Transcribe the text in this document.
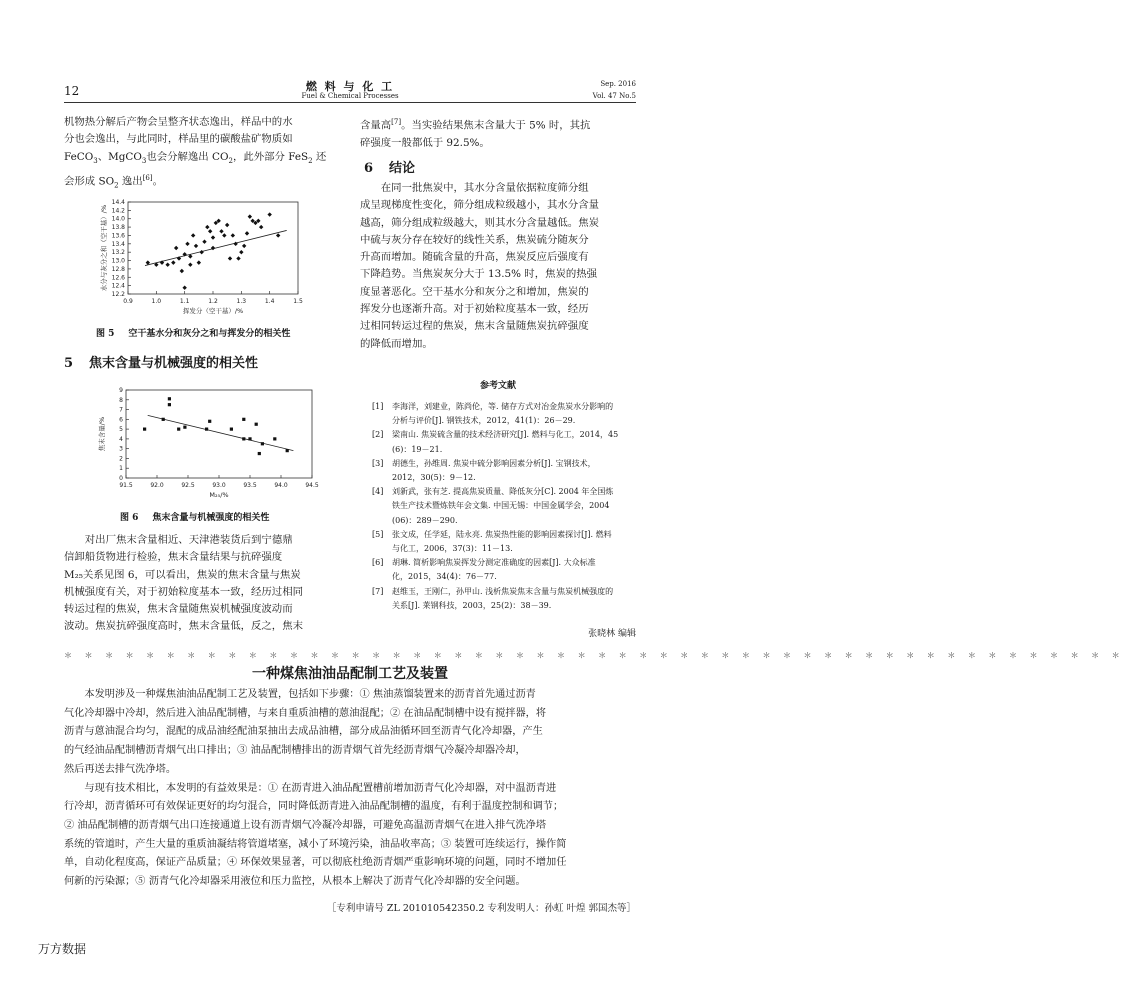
燃 料 与 化 工
Fuel & Chemical Processes
12	Sep. 2016
Vol. 47 No.5
机物热分解后产物会呈整齐状态逸出，样品中的水
分也会逸出，与此同时，样品里的碳酸盐矿物质如
FeCO$_3$、MgCO$_3$也会分解逸出 $CO_2$，此外部分 FeS$_2$ 还
会形成 $SO_2$ 逸出[6]。
0.9	1.0	1.1	1.2	1.3	1.4	1.5
12.2
12.4
12.6
12.8
13.0
13.2
13.4
13.6
13.8
14.0
14.2
14.4
挥发分（空干基）/%
水分与灰分之和（空干基）/%
图 5 空干基水分和灰分之和与挥发分的相关性
5 焦末含量与机械强度的相关性
91.5	92.0	92.5	93.0	93.5	94.0	94.5
0
1
2
3
4
5
6
7
8
9
M₂₅/%
焦末含量/%
图 6 焦末含量与机械强度的相关性
对出厂焦末含量相近、天津港装货后到宁德鼎
信卸船货物进行检验，焦末含量结果与抗碎强度
M₂₅关系见图 6，可以看出，焦炭的焦末含量与焦炭
机械强度有关，对于初始粒度基本一致，经历过相同
转运过程的焦炭，焦末含量随焦炭机械强度波动而
波动。焦炭抗碎强度高时，焦末含量低，反之，焦末
含量高[7]。当实验结果焦末含量大于 5% 时，其抗
碎强度一般都低于 92.5%。
6 结论
在同一批焦炭中，其水分含量依据粒度筛分组
成呈现梯度性变化，筛分组成粒级越小，其水分含量
越高，筛分组成粒级越大，则其水分含量越低。焦炭
中硫与灰分存在较好的线性关系，焦炭硫分随灰分
升高而增加。随硫含量的升高，焦炭反应后强度有
下降趋势。当焦炭灰分大于 13.5% 时，焦炭的热强
度显著恶化。空干基水分和灰分之和增加，焦炭的
挥发分也逐渐升高。对于初始粒度基本一致，经历
过相同转运过程的焦炭，焦末含量随焦炭抗碎强度
的降低而增加。
参考文献
[1]	李海洋，刘建业，陈尚伦，等. 储存方式对冶金焦炭水分影响的
分析与评价[J]. 钢铁技术，2012，41(1)：26－29.
[2]	梁南山. 焦炭硫含量的技术经济研究[J]. 燃料与化工，2014，45
(6)：19－21.
[3]	胡德生，孙维周. 焦炭中硫分影响因素分析[J]. 宝钢技术，
2012，30(5)：9－12.
[4]	刘新武，张有芝. 提高焦炭质量、降低灰分[C]. 2004 年全国炼
铁生产技术暨炼铁年会文集. 中国无锡：中国金属学会，2004
(06)：289－290.
[5]	张文成，任学延，陆永亮. 焦炭热性能的影响因素探讨[J]. 燃料
与化工，2006，37(3)：11－13.
[6]	胡琳. 简析影响焦炭挥发分测定准确度的因素[J]. 大众标准
化，2015，34(4)：76－77.
[7]	赵维玉，王刚仁，孙甲山. 浅析焦炭焦末含量与焦炭机械强度的
关系[J]. 莱钢科技，2003，25(2)：38－39.
张晓林 编辑
＊ ＊ ＊ ＊ ＊ ＊ ＊ ＊ ＊ ＊ ＊ ＊ ＊ ＊ ＊ ＊ ＊ ＊ ＊ ＊ ＊ ＊ ＊ ＊ ＊ ＊ ＊ ＊ ＊ ＊ ＊ ＊ ＊ ＊ ＊ ＊ ＊ ＊ ＊ ＊ ＊ ＊ ＊ ＊ ＊ ＊ ＊ ＊ ＊ ＊ ＊ ＊
一种煤焦油油品配制工艺及装置
本发明涉及一种煤焦油油品配制工艺及装置，包括如下步骤：① 焦油蒸馏装置来的沥青首先通过沥青
气化冷却器中冷却，然后进入油品配制槽，与来自重质油槽的蒽油混配；② 在油品配制槽中设有搅拌器，将
沥青与蒽油混合均匀，混配的成品油经配油泵抽出去成品油槽，部分成品油循环回至沥青气化冷却器，产生
的气经油品配制槽沥青烟气出口排出；③ 油品配制槽排出的沥青烟气首先经沥青烟气冷凝冷却器冷却，
然后再送去排气洗净塔。
与现有技术相比，本发明的有益效果是：① 在沥青进入油品配置槽前增加沥青气化冷却器，对中温沥青进
行冷却，沥青循环可有效保证更好的均匀混合，同时降低沥青进入油品配制槽的温度，有利于温度控制和调节；
② 油品配制槽的沥青烟气出口连接通道上设有沥青烟气冷凝冷却器，可避免高温沥青烟气在进入排气洗净塔
系统的管道时，产生大量的重质油凝结将管道堵塞，减小了环境污染，油品收率高；③ 装置可连续运行，操作简
单，自动化程度高，保证产品质量；④ 环保效果显著，可以彻底杜绝沥青烟严重影响环境的问题，同时不增加任
何新的污染源；⑤ 沥青气化冷却器采用液位和压力监控，从根本上解决了沥青气化冷却器的安全问题。
［专利申请号 ZL 201010542350.2 专利发明人：孙虹 叶煌 郭国杰等］
万方数据
